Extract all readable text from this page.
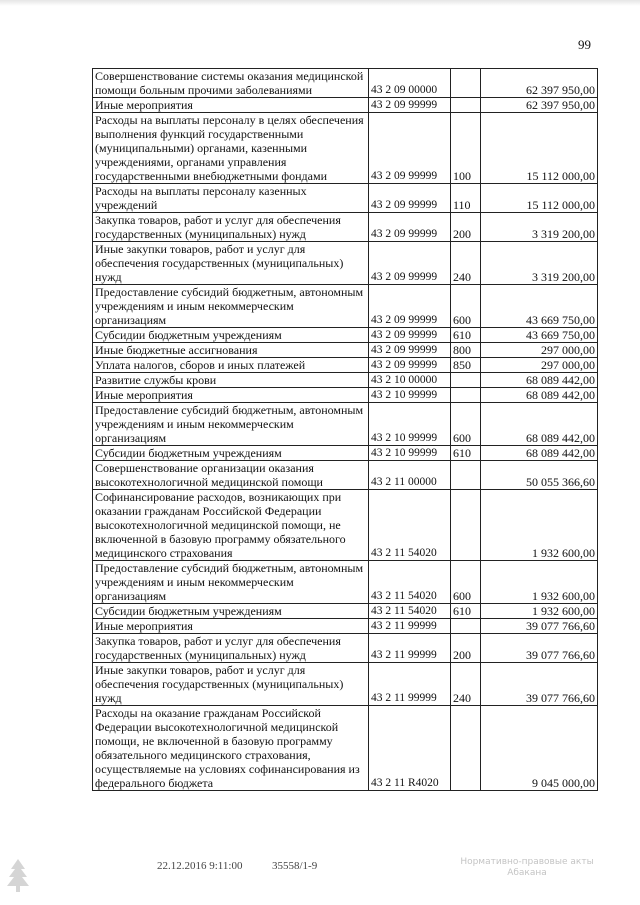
99
Совершенствование системы оказания медицинской помощи больным прочими заболеваниями	43 2 09 00000		62 397 950,00
Иные мероприятия	43 2 09 99999		62 397 950,00
Расходы на выплаты персоналу в целях обеспечения выполнения функций государственными (муниципальными) органами, казенными учреждениями, органами управления государственными внебюджетными фондами	43 2 09 99999	100	15 112 000,00
Расходы на выплаты персоналу казенных учреждений	43 2 09 99999	110	15 112 000,00
Закупка товаров, работ и услуг для обеспечения государственных (муниципальных) нужд	43 2 09 99999	200	3 319 200,00
Иные закупки товаров, работ и услуг для обеспечения государственных (муниципальных) нужд	43 2 09 99999	240	3 319 200,00
Предоставление субсидий бюджетным, автономным учреждениям и иным некоммерческим организациям	43 2 09 99999	600	43 669 750,00
Субсидии бюджетным учреждениям	43 2 09 99999	610	43 669 750,00
Иные бюджетные ассигнования	43 2 09 99999	800	297 000,00
Уплата налогов, сборов и иных платежей	43 2 09 99999	850	297 000,00
Развитие службы крови	43 2 10 00000		68 089 442,00
Иные мероприятия	43 2 10 99999		68 089 442,00
Предоставление субсидий бюджетным, автономным учреждениям и иным некоммерческим организациям	43 2 10 99999	600	68 089 442,00
Субсидии бюджетным учреждениям	43 2 10 99999	610	68 089 442,00
Совершенствование организации оказания высокотехнологичной медицинской помощи	43 2 11 00000		50 055 366,60
Софинансирование расходов, возникающих при оказании гражданам Российской Федерации высокотехнологичной медицинской помощи, не включенной в базовую программу обязательного медицинского страхования	43 2 11 54020		1 932 600,00
Предоставление субсидий бюджетным, автономным учреждениям и иным некоммерческим организациям	43 2 11 54020	600	1 932 600,00
Субсидии бюджетным учреждениям	43 2 11 54020	610	1 932 600,00
Иные мероприятия	43 2 11 99999		39 077 766,60
Закупка товаров, работ и услуг для обеспечения государственных (муниципальных) нужд	43 2 11 99999	200	39 077 766,60
Иные закупки товаров, работ и услуг для обеспечения государственных (муниципальных) нужд	43 2 11 99999	240	39 077 766,60
Расходы на оказание гражданам Российской Федерации высокотехнологичной медицинской помощи, не включенной в базовую программу обязательного медицинского страхования, осуществляемые на условиях софинансирования из федерального бюджета	43 2 11 R4020		9 045 000,00
22.12.2016 9:11:00	35558/1-9	Нормативно-правовые акты Абакана
